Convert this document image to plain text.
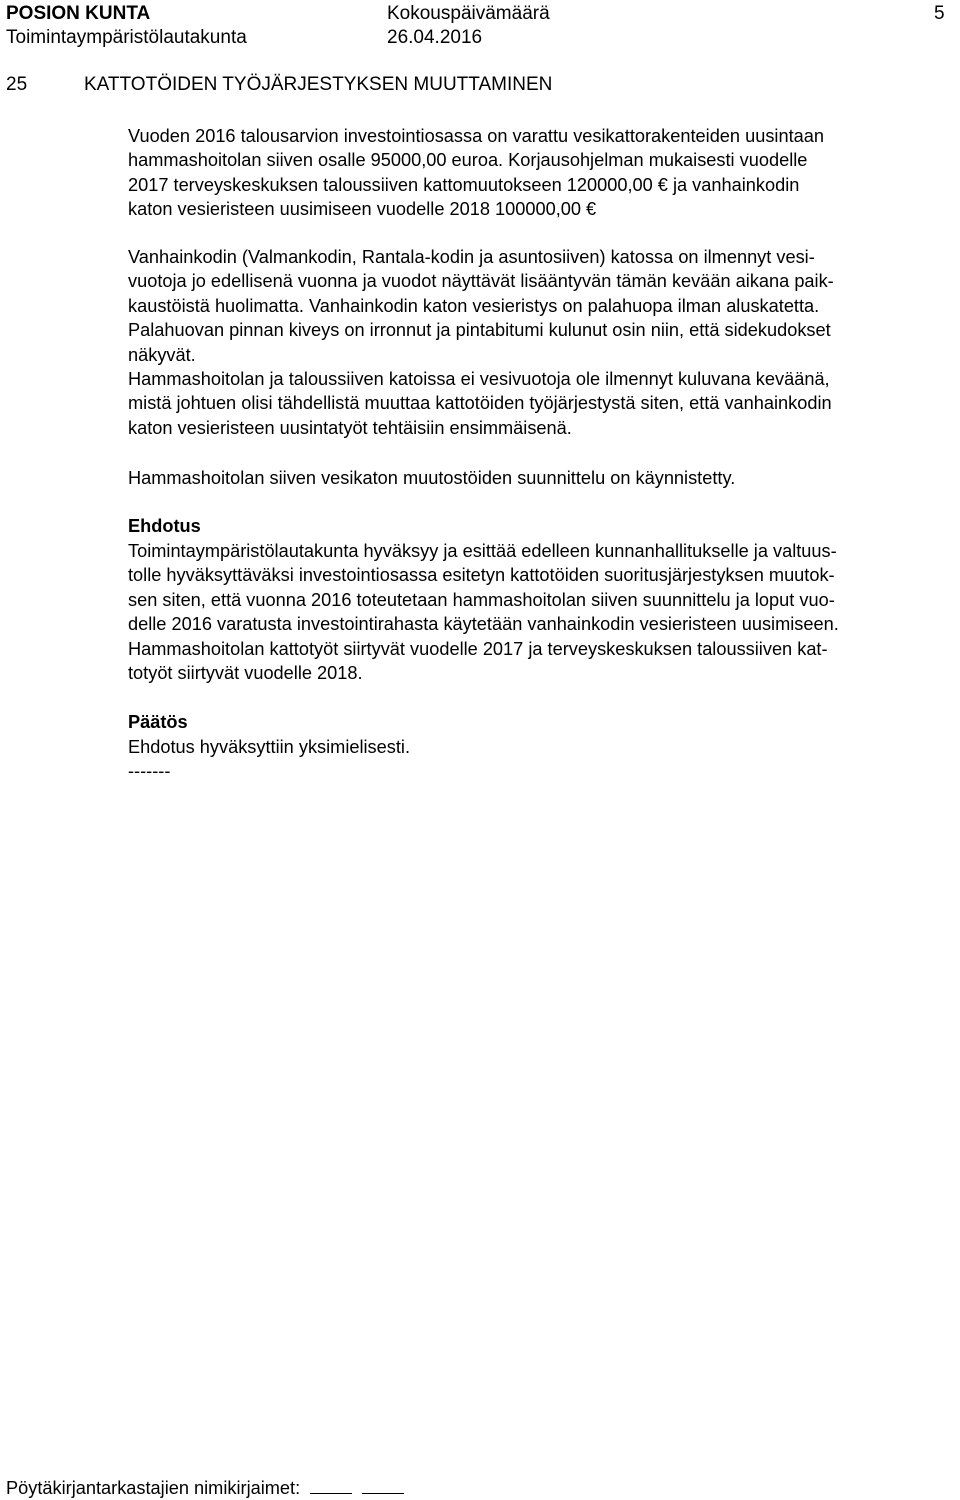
POSION KUNTA	Kokouspäivämäärä	5
Toimintaympäristölautakunta	26.04.2016
25	KATTOTÖIDEN TYÖJÄRJESTYKSEN MUUTTAMINEN
Vuoden 2016 talousarvion investointiosassa on varattu vesikattorakenteiden uusintaan
hammashoitolan siiven osalle 95000,00 euroa. Korjausohjelman mukaisesti vuodelle
2017 terveyskeskuksen taloussiiven kattomuutokseen 120000,00 € ja vanhainkodin
katon vesieristeen uusimiseen vuodelle 2018 100000,00 €
Vanhainkodin (Valmankodin, Rantala-kodin ja asuntosiiven) katossa on ilmennyt vesi-
vuotoja jo edellisenä vuonna ja vuodot näyttävät lisääntyvän tämän kevään aikana paik-
kaustöistä huolimatta. Vanhainkodin katon vesieristys on palahuopa ilman aluskatetta.
Palahuovan pinnan kiveys on irronnut ja pintabitumi kulunut osin niin, että sidekudokset
näkyvät.
Hammashoitolan ja taloussiiven katoissa ei vesivuotoja ole ilmennyt kuluvana keväänä,
mistä johtuen olisi tähdellistä muuttaa kattotöiden työjärjestystä siten, että vanhainkodin
katon vesieristeen uusintatyöt tehtäisiin ensimmäisenä.
Hammashoitolan siiven vesikaton muutostöiden suunnittelu on käynnistetty.
Ehdotus
Toimintaympäristölautakunta hyväksyy ja esittää edelleen kunnanhallitukselle ja valtuus-
tolle hyväksyttäväksi investointiosassa esitetyn kattotöiden suoritusjärjestyksen muutok-
sen siten, että vuonna 2016 toteutetaan hammashoitolan siiven suunnittelu ja loput vuo-
delle 2016 varatusta investointirahasta käytetään vanhainkodin vesieristeen uusimiseen.
Hammashoitolan kattotyöt siirtyvät vuodelle 2017 ja terveyskeskuksen taloussiiven kat-
totyöt siirtyvät vuodelle 2018.
Päätös
Ehdotus hyväksyttiin yksimielisesti.
-------
Pöytäkirjantarkastajien nimikirjaimet:
